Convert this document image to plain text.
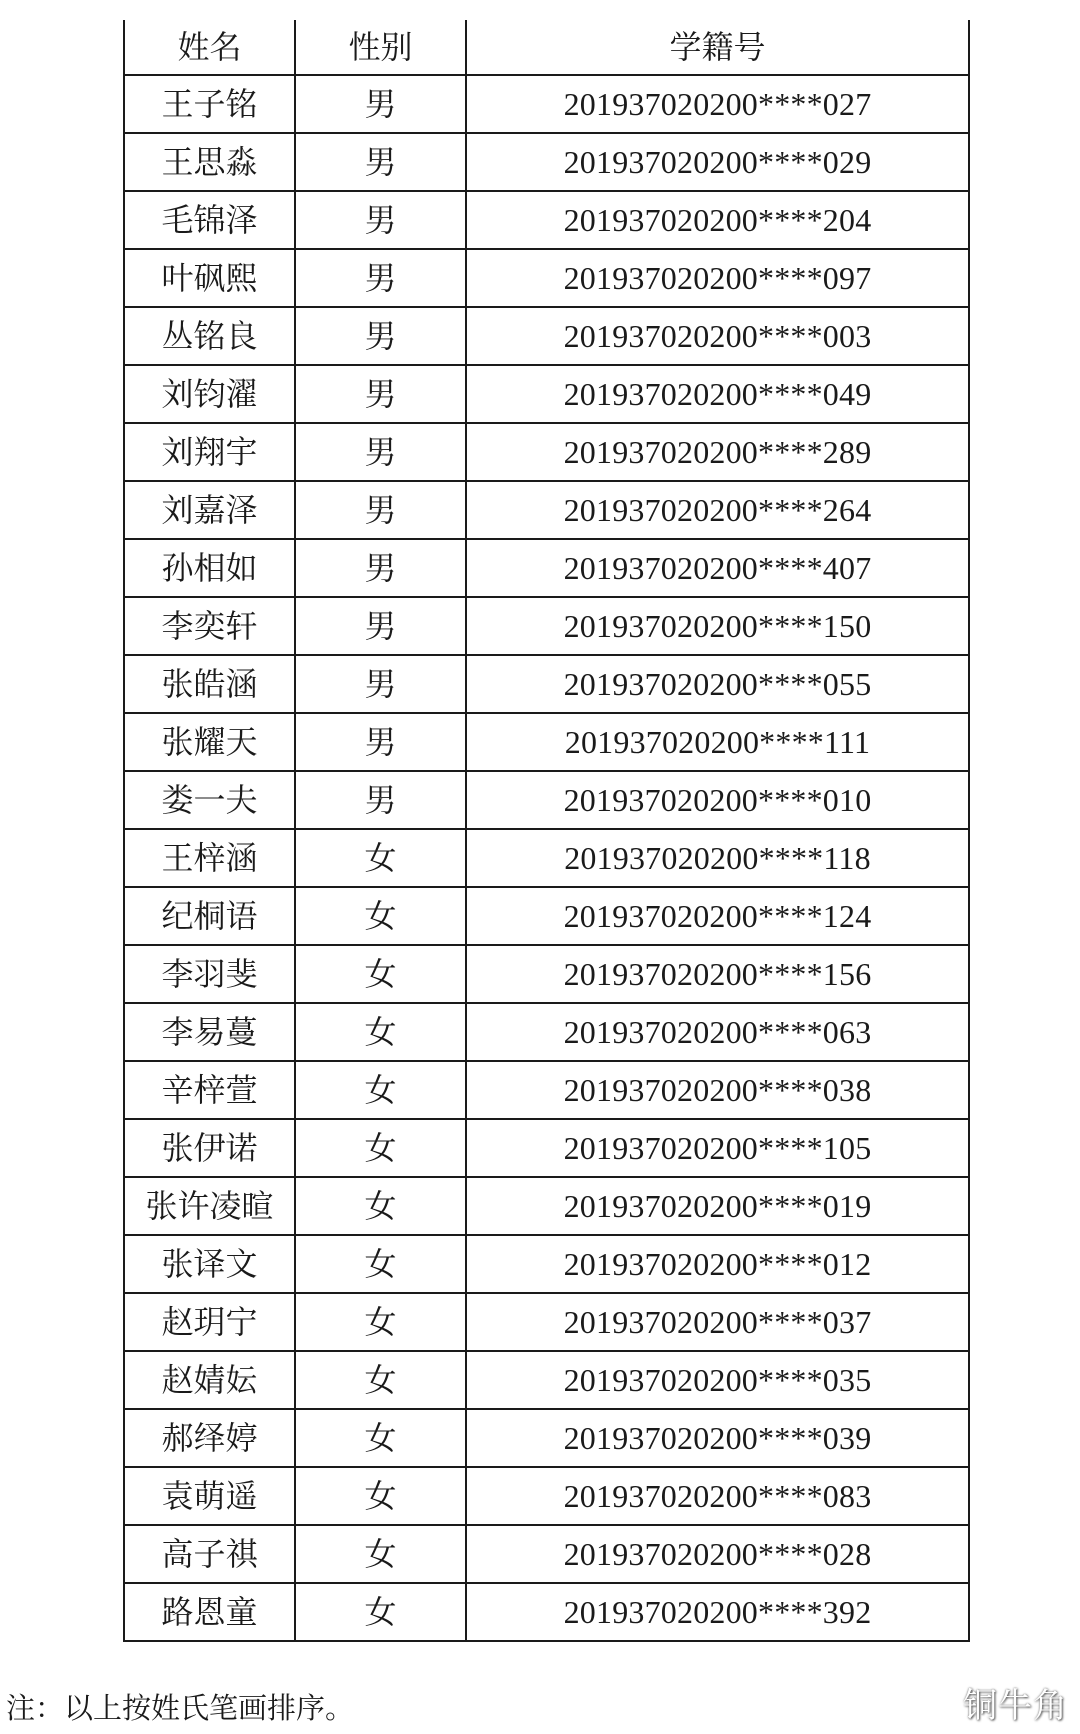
姓名	性别	学籍号
王子铭	男	201937020200****027
王思淼	男	201937020200****029
毛锦泽	男	201937020200****204
叶砜熙	男	201937020200****097
丛铭良	男	201937020200****003
刘钧濯	男	201937020200****049
刘翔宇	男	201937020200****289
刘嘉泽	男	201937020200****264
孙相如	男	201937020200****407
李奕轩	男	201937020200****150
张皓涵	男	201937020200****055
张耀天	男	201937020200****111
娄一夫	男	201937020200****010
王梓涵	女	201937020200****118
纪桐语	女	201937020200****124
李羽斐	女	201937020200****156
李易蔓	女	201937020200****063
辛梓萱	女	201937020200****038
张伊诺	女	201937020200****105
张许凌暄	女	201937020200****019
张译文	女	201937020200****012
赵玥宁	女	201937020200****037
赵婧妘	女	201937020200****035
郝绎婷	女	201937020200****039
袁萌遥	女	201937020200****083
高子祺	女	201937020200****028
路恩童	女	201937020200****392
注：以上按姓氏笔画排序。	铜牛角
